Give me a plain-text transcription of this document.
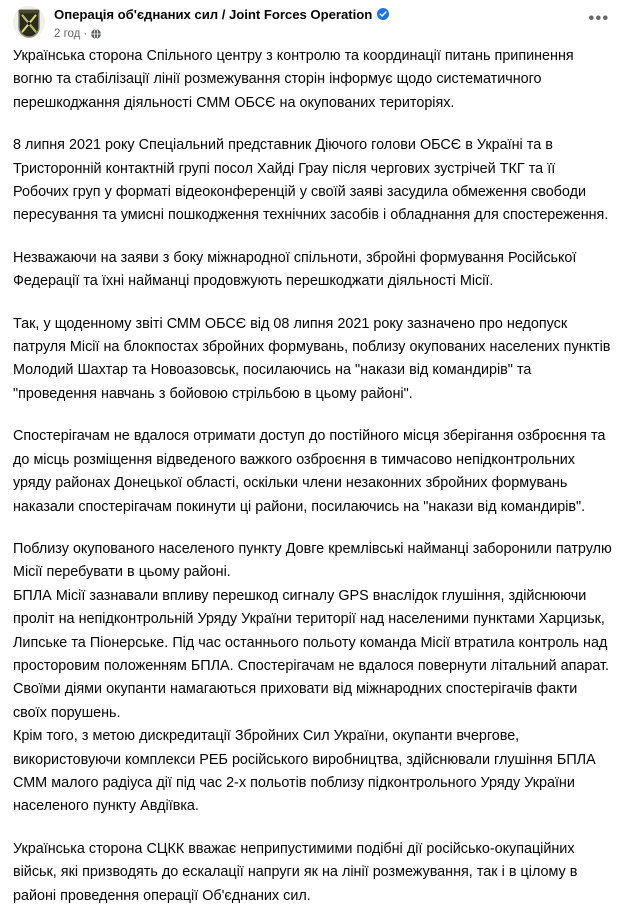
Операція об'єднаних сил / Joint Forces Operation
2 год ·
•••

Українська сторона Спільного центру з контролю та координації питань припинення вогню та стабілізації лінії розмежування сторін інформує щодо систематичного перешкоджання діяльності СММ ОБСЄ на окупованих територіях.

8 липня 2021 року Спеціальний представник Діючого голови ОБСЄ в Україні та в Тристоронній контактній групі посол Хайді Грау після чергових зустрічей ТКГ та її Робочих груп у форматі відеоконференцій у своїй заяві засудила обмеження свободи пересування та умисні пошкодження технічних засобів і обладнання для спостереження.

Незважаючи на заяви з боку міжнародної спільноти, збройні формування Російської Федерації та їхні найманці продовжують перешкоджати діяльності Місії.

Так, у щоденному звіті СММ ОБСЄ від 08 липня 2021 року зазначено про недопуск патруля Місії на блокпостах збройних формувань, поблизу окупованих населених пунктів Молодий Шахтар та Новоазовськ, посилаючись на "накази від командирів" та "проведення навчань з бойовою стрільбою в цьому районі".

Спостерігачам не вдалося отримати доступ до постійного місця зберігання озброєння та до місць розміщення відведеного важкого озброєння в тимчасово непідконтрольних уряду районах Донецької області, оскільки члени незаконних збройних формувань наказали спостерігачам покинути ці райони, посилаючись на "накази від командирів".

Поблизу окупованого населеного пункту Довге кремлівські найманці заборонили патрулю Місії перебувати в цьому районі.
БПЛА Місії зазнавали впливу перешкод сигналу GPS внаслідок глушіння, здійснюючи проліт на непідконтрольній Уряду України території над населеними пунктами Харцизьк, Липське та Піонерське. Під час останнього польоту команда Місії втратила контроль над просторовим положенням БПЛА. Спостерігачам не вдалося повернути літальний апарат.
Своїми діями окупанти намагаються приховати від міжнародних спостерігачів факти своїх порушень.
Крім того, з метою дискредитації Збройних Сил України, окупанти вчергове, використовуючи комплекси РЕБ російського виробництва, здійснювали глушіння БПЛА СММ малого радіуса дії під час 2-х польотів поблизу підконтрольного Уряду України населеного пункту Авдіївка.

Українська сторона СЦКК вважає неприпустимими подібні дії російсько-окупаційних військ, які призводять до ескалації напруги як на лінії розмежування, так і в цілому в районі проведення операції Об'єднаних сил.
